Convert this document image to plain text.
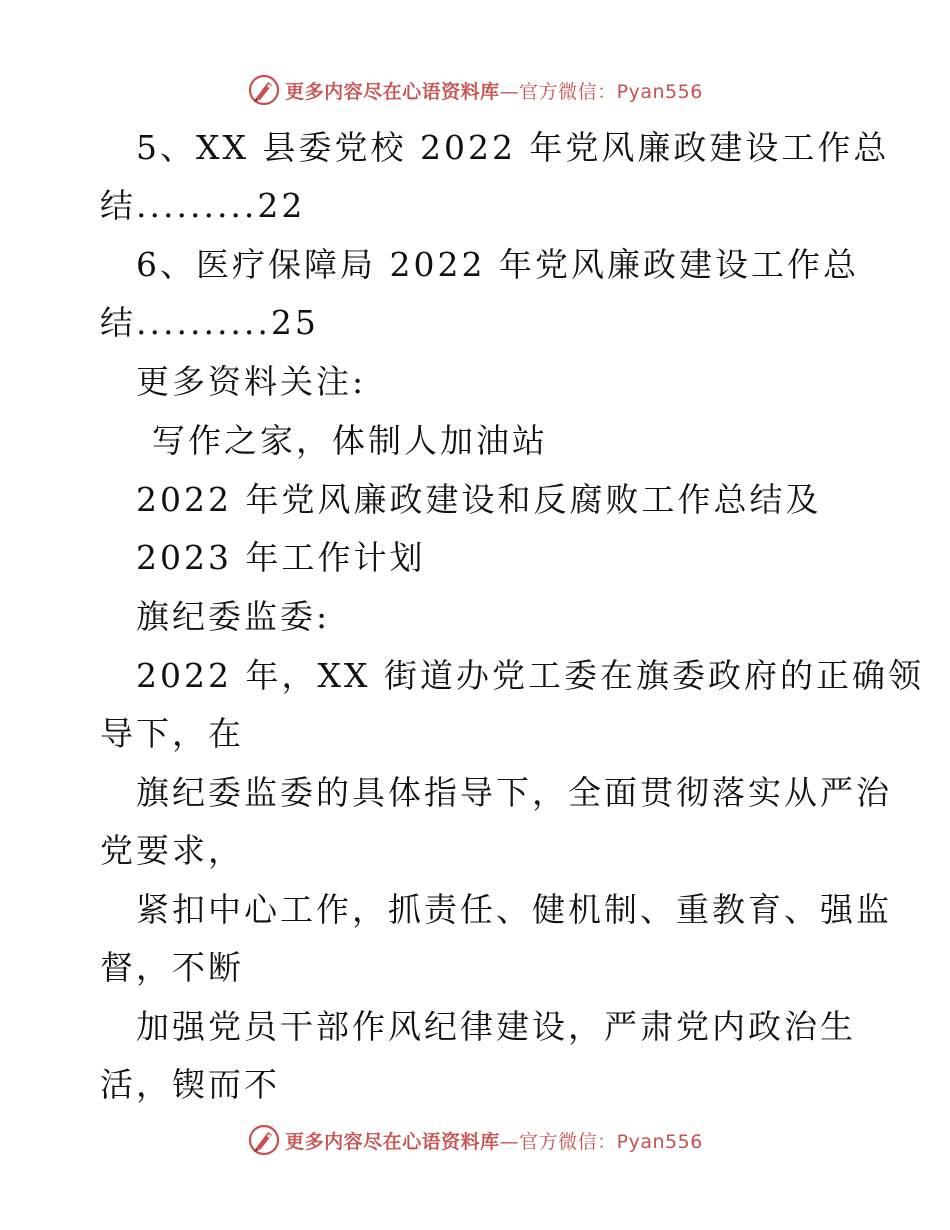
更多内容尽在心语资料库—官方微信：Pyan556
5、XX 县委党校 2022 年党风廉政建设工作总
结.........22
6、医疗保障局 2022 年党风廉政建设工作总
结..........25
更多资料关注:
写作之家，体制人加油站
2022 年党风廉政建设和反腐败工作总结及
2023 年工作计划
旗纪委监委:
2022 年，XX 街道办党工委在旗委政府的正确领
导下，在
旗纪委监委的具体指导下，全面贯彻落实从严治
党要求，
紧扣中心工作，抓责任、健机制、重教育、强监
督，不断
加强党员干部作风纪律建设，严肃党内政治生
活，锲而不
更多内容尽在心语资料库—官方微信：Pyan556
